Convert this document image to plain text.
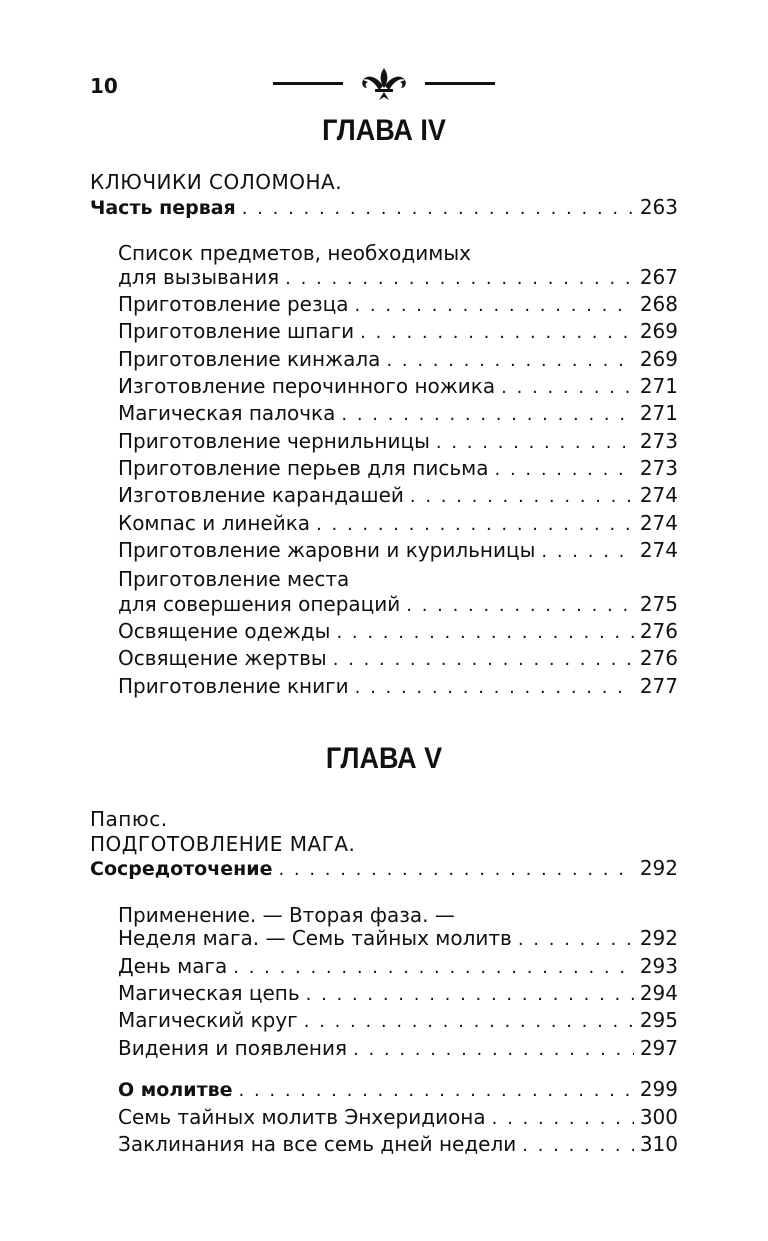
10
ГЛАВА IV
КЛЮЧИКИ СОЛОМОНА.
Часть первая . . .	263
Список предметов, необходимых
для вызывания . . .	267
Приготовление резца . . .	268
Приготовление шпаги . . .	269
Приготовление кинжала . . .	269
Изготовление перочинного ножика . . .	271
Магическая палочка . . .	271
Приготовление чернильницы . . .	273
Приготовление перьев для письма . . .	273
Изготовление карандашей . . .	274
Компас и линейка . . .	274
Приготовление жаровни и курильницы . . .	274
Приготовление места
для совершения операций . . .	275
Освящение одежды . . .	276
Освящение жертвы . . .	276
Приготовление книги . . .	277
ГЛАВА V
Папюс.
ПОДГОТОВЛЕНИЕ МАГА.
Сосредоточение . . .	292
Применение. — Вторая фаза. —
Неделя мага. — Семь тайных молитв . . .	292
День мага . . .	293
Магическая цепь . . .	294
Магический круг . . .	295
Видения и появления . . .	297
О молитве . . .	299
Семь тайных молитв Энхеридиона . . .	300
Заклинания на все семь дней недели . . .	310
